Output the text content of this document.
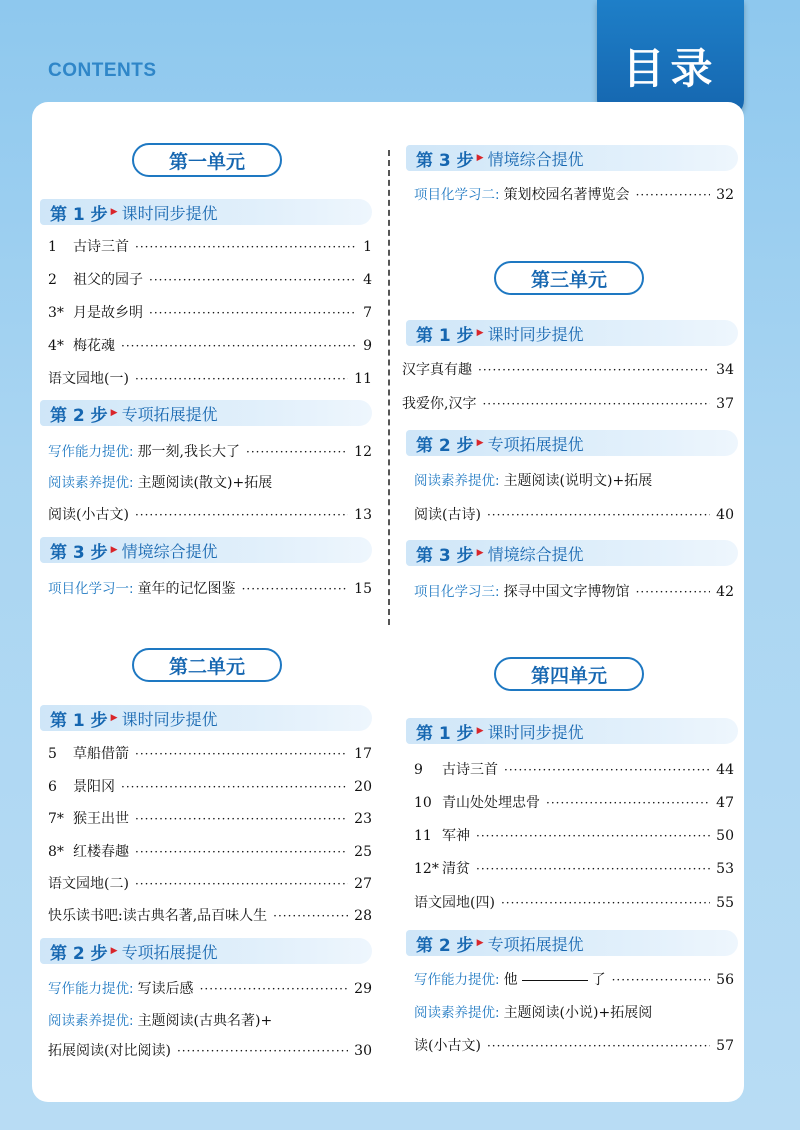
CONTENTS	目录
第一单元
第 1 步 ▶ 课时同步提优
1	古诗三首 ·····	1
2	祖父的园子 ·····	4
3* 月是故乡明 ·····	7
4* 梅花魂 ·····	9
语文园地(一) ·····	11
第 2 步 ▶ 专项拓展提优
写作能力提优: 那一刻,我长大了 ·····	12
阅读素养提优: 主题阅读(散文)+拓展
阅读(小古文) ·····	13
第 3 步 ▶ 情境综合提优
项目化学习一: 童年的记忆图鉴 ·····	15
第二单元
第 1 步 ▶ 课时同步提优
5	草船借箭 ·····	17
6	景阳冈 ·····	20
7* 猴王出世 ·····	23
8* 红楼春趣 ·····	25
语文园地(二) ·····	27
快乐读书吧:读古典名著,品百味人生 ·····	28
第 2 步 ▶ 专项拓展提优
写作能力提优: 写读后感 ·····	29
阅读素养提优: 主题阅读(古典名著)+
拓展阅读(对比阅读) ·····	30
第 3 步 ▶ 情境综合提优
项目化学习二: 策划校园名著博览会 ·····	32
第三单元
第 1 步 ▶ 课时同步提优
汉字真有趣 ·····	34
我爱你,汉字 ·····	37
第 2 步 ▶ 专项拓展提优
阅读素养提优: 主题阅读(说明文)+拓展
阅读(古诗) ·····	40
第 3 步 ▶ 情境综合提优
项目化学习三: 探寻中国文字博物馆 ·····	42
第四单元
第 1 步 ▶ 课时同步提优
9	古诗三首 ·····	44
10 青山处处埋忠骨 ·····	47
11 军神 ·····	50
12* 清贫 ·····	53
语文园地(四) ·····	55
第 2 步 ▶ 专项拓展提优
写作能力提优: 他	了 ·····	56
阅读素养提优: 主题阅读(小说)+拓展阅
读(小古文) ·····	57
